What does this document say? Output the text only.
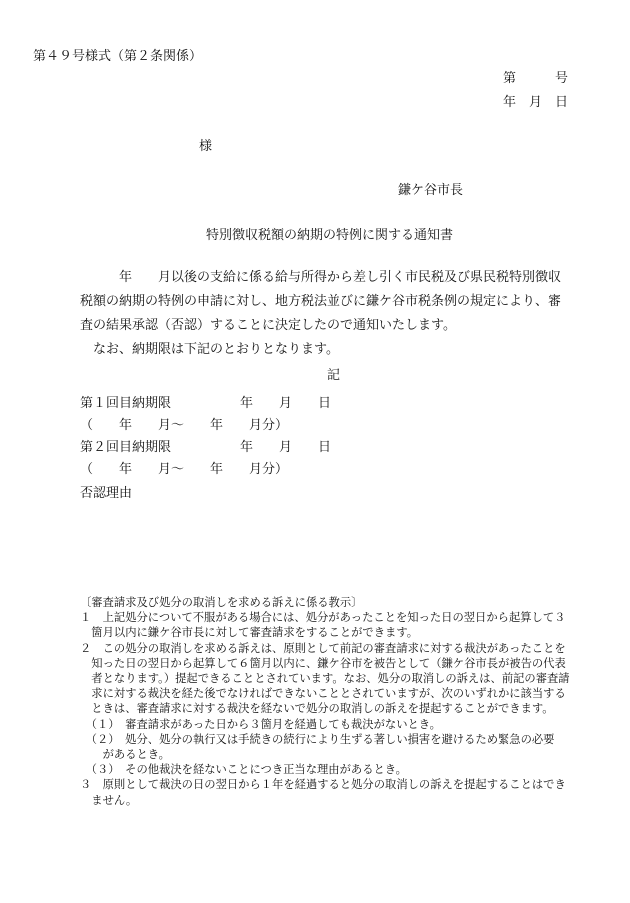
第４９号様式（第２条関係）
第　　　号
年　月　日
様
鎌ケ谷市長
特別徴収税額の納期の特例に関する通知書
　　　年　　月以後の支給に係る給与所得から差し引く市民税及び県民税特別徴収
税額の納期の特例の申請に対し、地方税法並びに鎌ケ谷市税条例の規定により、審
査の結果承認（否認）することに決定したので通知いたします。
　なお、納期限は下記のとおりとなります。
記
第１回目納期限	年　　月　　日
（　　年　　月～　　年　　月分）
第２回目納期限	年　　月　　日
（　　年　　月～　　年　　月分）
否認理由
〔審査請求及び処分の取消しを求める訴えに係る教示〕
１　上記処分について不服がある場合には、処分があったことを知った日の翌日から起算して３
　箇月以内に鎌ケ谷市長に対して審査請求をすることができます。
２　この処分の取消しを求める訴えは、原則として前記の審査請求に対する裁決があったことを
　知った日の翌日から起算して６箇月以内に、鎌ケ谷市を被告として（鎌ケ谷市長が被告の代表
　者となります。）提起できることとされています。なお、処分の取消しの訴えは、前記の審査請
　求に対する裁決を経た後でなければできないこととされていますが、次のいずれかに該当する
　ときは、審査請求に対する裁決を経ないで処分の取消しの訴えを提起することができます。
　（１）　審査請求があった日から３箇月を経過しても裁決がないとき。
　（２）　処分、処分の執行又は手続きの続行により生ずる著しい損害を避けるため緊急の必要
　　があるとき。
　（３）　その他裁決を経ないことにつき正当な理由があるとき。
３　原則として裁決の日の翌日から１年を経過すると処分の取消しの訴えを提起することはでき
　ません。
